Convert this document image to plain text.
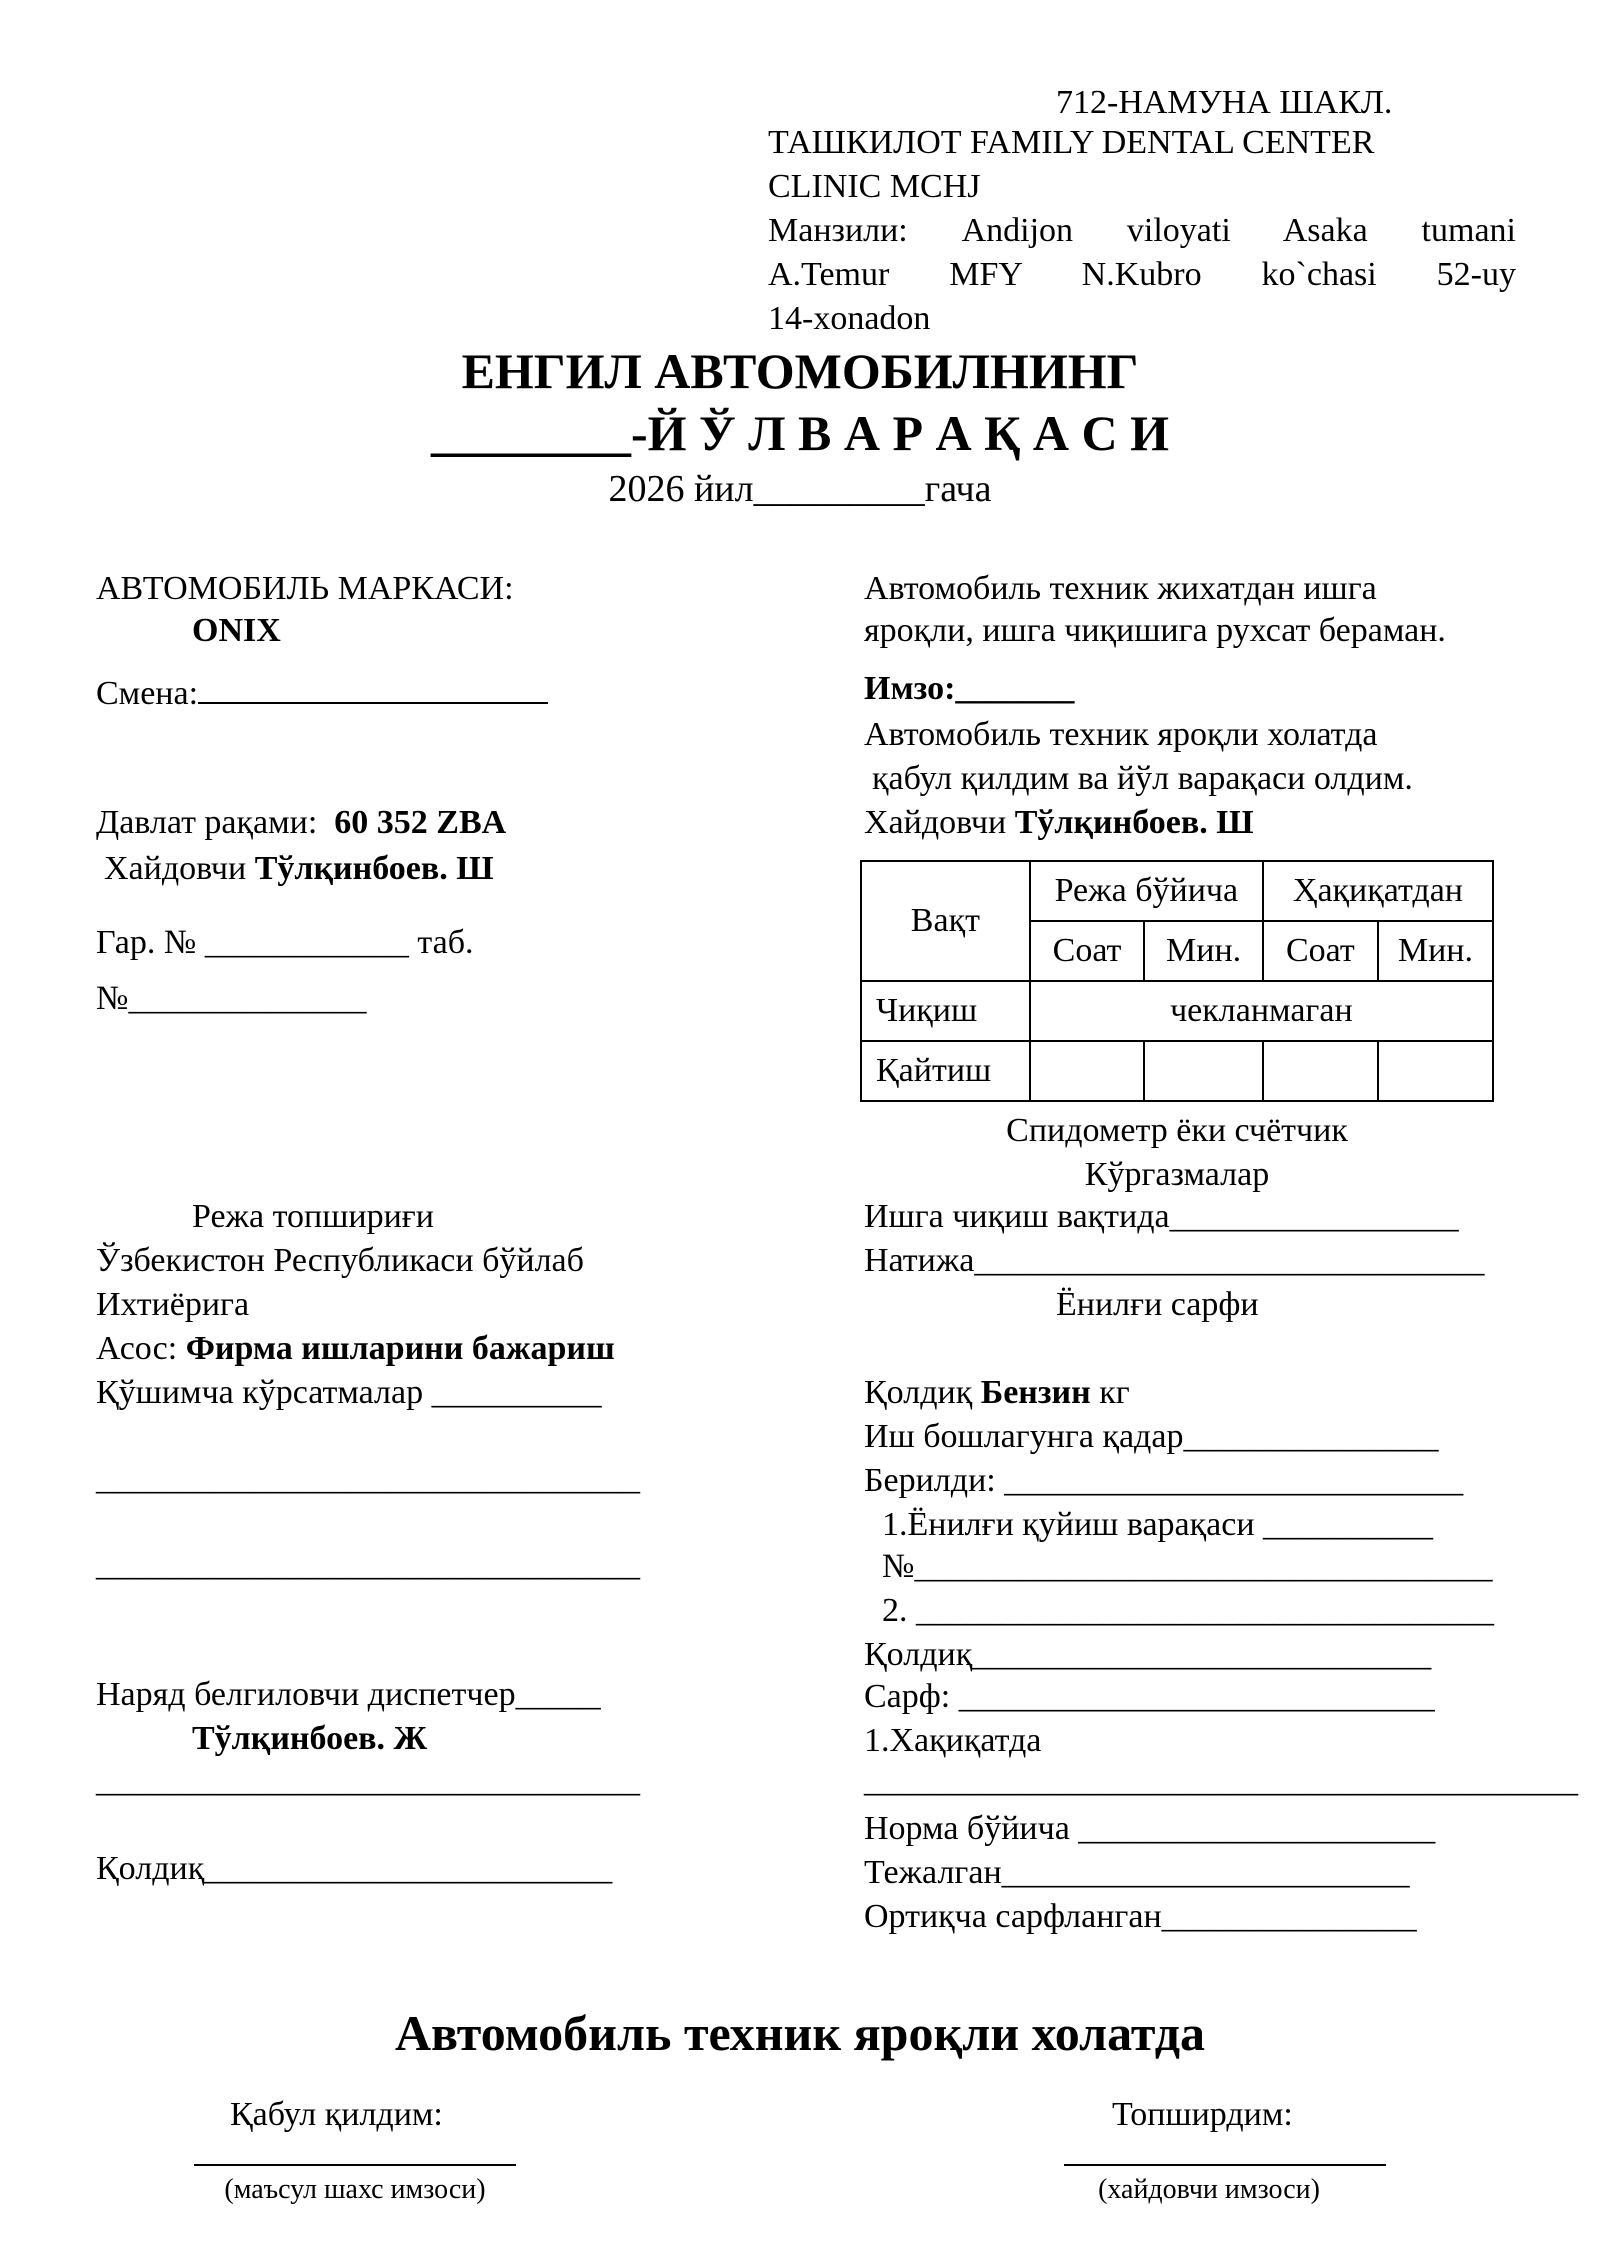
712-НАМУНА ШАКЛ.
ТАШКИЛОТ FAMILY DENTAL CENTER
CLINIC MCHJ
Манзили: Andijon viloyati Asaka tumani
A.Temur MFY N.Kubro ko`chasi 52-uy
14-xonadon
ЕНГИЛ АВТОМОБИЛНИНГ
________-Й Ў Л В А Р А Қ А С И
2026 йил_________гача
АВТОМОБИЛЬ МАРКАСИ:
ONIX
Смена:
Давлат рақами: 60 352 ZBA
Хайдовчи Тўлқинбоев. Ш
Гар. № ____________ таб.
№______________
Режа топшириғи
Ўзбекистон Республикаси бўйлаб
Ихтиёрига
Асос: Фирма ишларини бажариш
Қўшимча кўрсатмалар __________
________________________________
________________________________
Наряд белгиловчи диспетчер_____
Тўлқинбоев. Ж
________________________________
Қолдиқ________________________
Автомобиль техник жихатдан ишга
яроқли, ишга чиқишига рухсат бераман.
Имзо:_______
Автомобиль техник яроқли холатда
қабул қилдим ва йўл варақаси олдим.
Хайдовчи Тўлқинбоев. Ш
Вақт	Режа бўйича		Ҳақиқатдан	
	Соат	Мин.	Соат	Мин.
Чиқиш	чекланмаган			
Қайтиш				
Спидометр ёки счётчик
Кўргазмалар
Ишга чиқиш вақтида_________________
Натижа______________________________
Ёнилғи сарфи
Қолдиқ Бензин кг
Иш бошлагунга қадар_______________
Берилди: ___________________________
1.Ёнилғи қуйиш варақаси __________
№__________________________________
2. __________________________________
Қолдиқ___________________________
Сарф: ____________________________
1.Хақиқатда
__________________________________________
Норма бўйича _____________________
Тежалган________________________
Ортиқча сарфланган_______________
Автомобиль техник яроқли холатда
Қабул қилдим:	Топширдим:
(маъсул шахс имзоси)	(хайдовчи имзоси)
